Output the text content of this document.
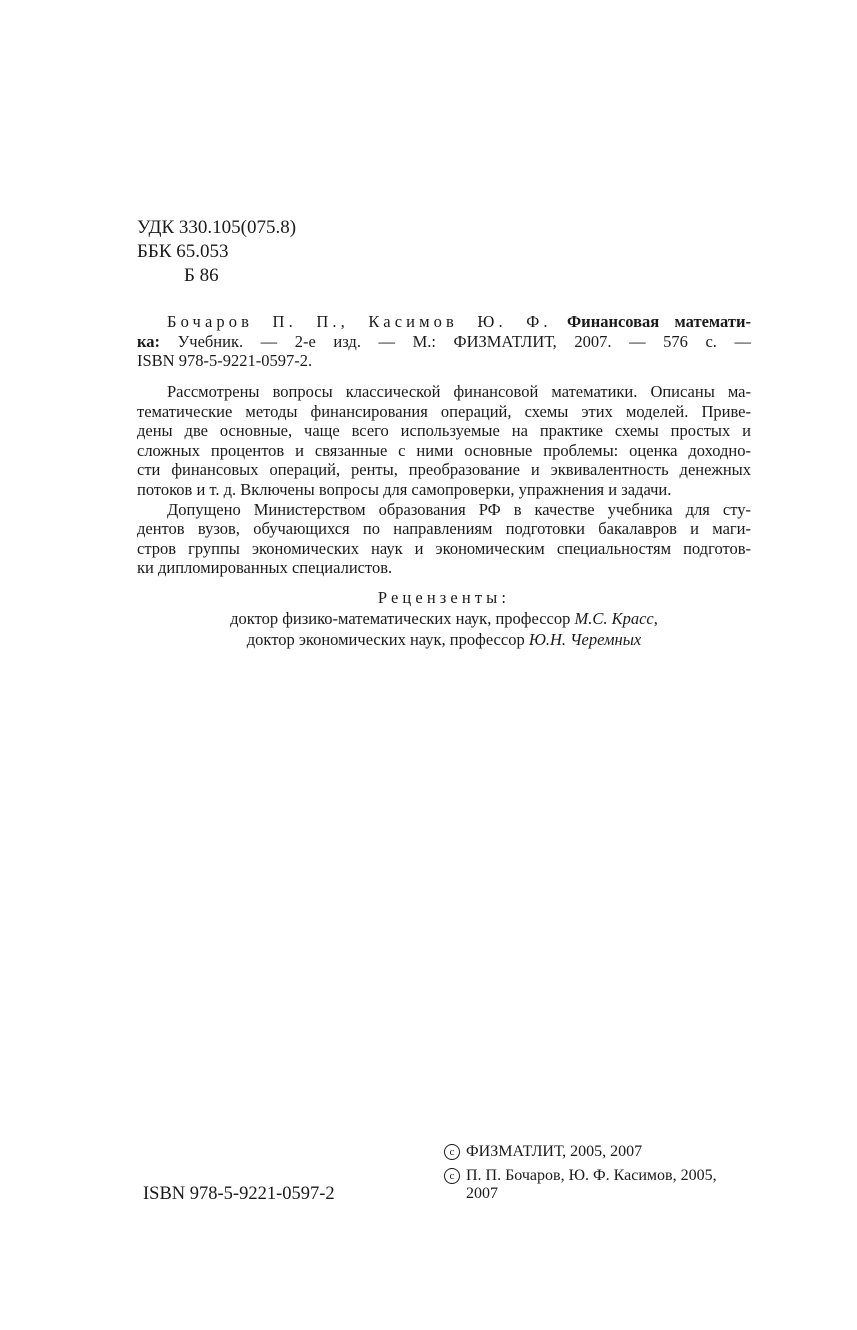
УДК 330.105(075.8)
ББК 65.053
Б 86
Бочаров П. П., Касимов Ю. Ф. Финансовая математи-
ка: Учебник. — 2-е изд. — М.: ФИЗМАТЛИТ, 2007. — 576 с. —
ISBN 978-5-9221-0597-2.
Рассмотрены вопросы классической финансовой математики. Описаны ма-
тематические методы финансирования операций, схемы этих моделей. Приве-
дены две основные, чаще всего используемые на практике схемы простых и
сложных процентов и связанные с ними основные проблемы: оценка доходно-
сти финансовых операций, ренты, преобразование и эквивалентность денежных
потоков и т. д. Включены вопросы для самопроверки, упражнения и задачи.
Допущено Министерством образования РФ в качестве учебника для сту-
дентов вузов, обучающихся по направлениям подготовки бакалавров и маги-
стров группы экономических наук и экономическим специальностям подготов-
ки дипломированных специалистов.
Рецензенты:
доктор физико-математических наук, профессор М.С. Красс,
доктор экономических наук, профессор Ю.Н. Черемных
c ФИЗМАТЛИТ, 2005, 2007
c П. П. Бочаров, Ю. Ф. Касимов, 2005, 2007
ISBN 978-5-9221-0597-2
